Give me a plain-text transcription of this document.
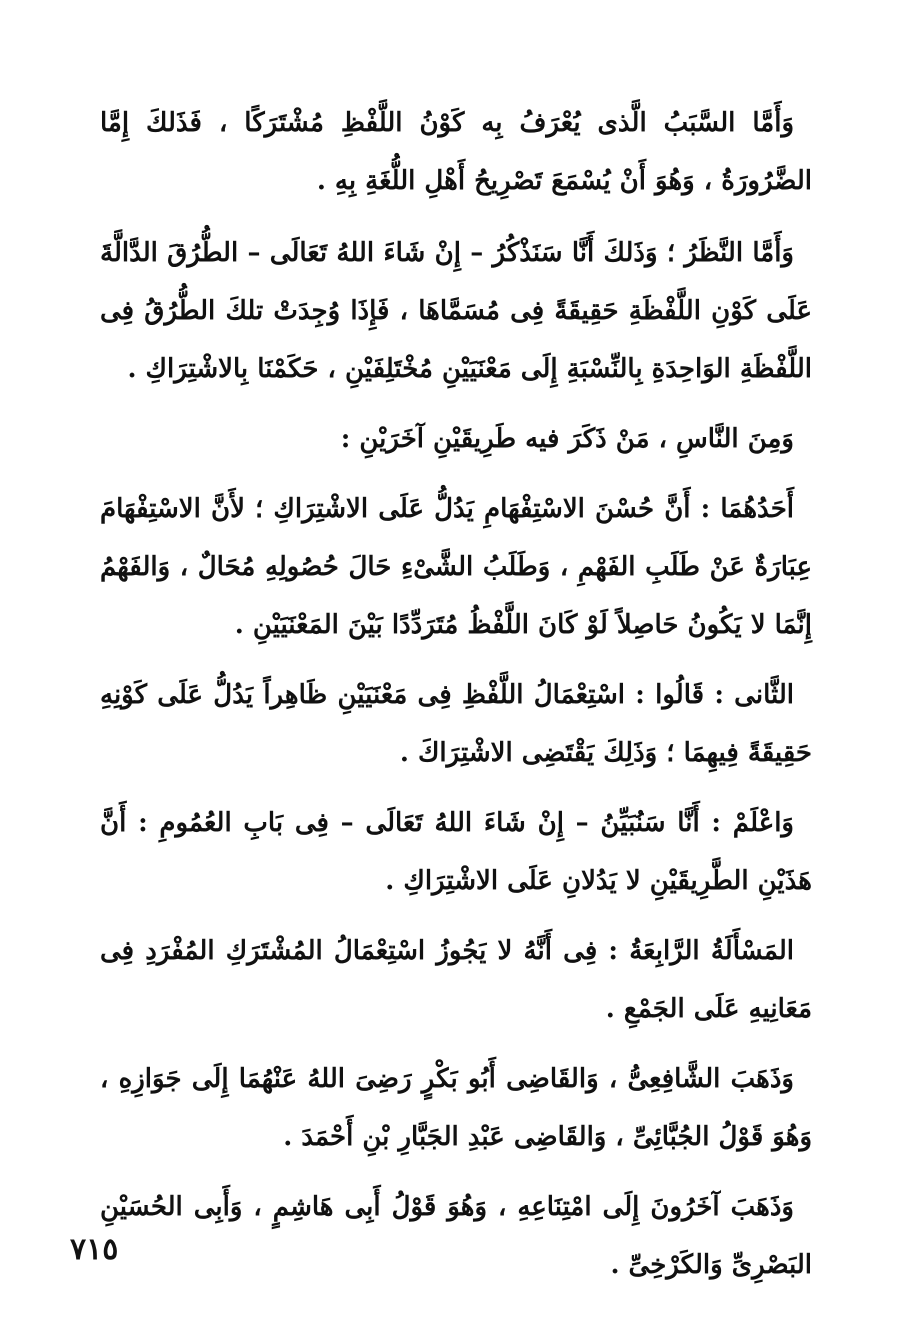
وَأَمَّا السَّبَبُ الَّذى يُعْرَفُ بِه كَوْنُ اللَّفْظِ مُشْتَرَكًا ، فَذَلكَ إِمَّا الضَّرُورَةُ ، وَهُوَ أَنْ يُسْمَعَ تَصْرِيحُ أَهْلِ اللُّغَةِ بِهِ .

وَأَمَّا النَّظَرُ ؛ وَذَلكَ أَنَّا سَنَذْكُرُ – إِنْ شَاءَ اللهُ تَعَالَى – الطُّرُقَ الدَّالَّةَ عَلَى كَوْنِ اللَّفْظَةِ حَقِيقَةً فِى مُسَمَّاهَا ، فَإِذَا وُجِدَتْ تلكَ الطُّرُقُ فِى اللَّفْظَةِ الوَاحِدَةِ بِالنِّسْبَةِ إِلَى مَعْنَيَيْنِ مُخْتَلِفَيْنِ ، حَكَمْنَا بِالاشْتِرَاكِ .

وَمِنَ النَّاسِ ، مَنْ ذَكَرَ فيه طَرِيقَيْنِ آخَرَيْنِ :

أَحَدُهُمَا : أَنَّ حُسْنَ الاسْتِفْهَامِ يَدُلُّ عَلَى الاشْتِرَاكِ ؛ لأَنَّ الاسْتِفْهَامَ عِبَارَةٌ عَنْ طَلَبِ الفَهْمِ ، وَطَلَبُ الشَّىْءِ حَالَ حُصُولِهِ مُحَالٌ ، وَالفَهْمُ إِنَّمَا لا يَكُونُ حَاصِلاً لَوْ كَانَ اللَّفْظُ مُتَرَدِّدًا بَيْنَ المَعْنَيَيْنِ .

الثَّانى : قَالُوا : اسْتِعْمَالُ اللَّفْظِ فِى مَعْنَيَيْنِ ظَاهِراً يَدُلُّ عَلَى كَوْنِهِ حَقِيقَةً فِيهِمَا ؛ وَذَلِكَ يَقْتَضِى الاشْتِرَاكَ .

وَاعْلَمْ : أَنَّا سَنُبَيِّنُ – إِنْ شَاءَ اللهُ تَعَالَى – فِى بَابِ العُمُومِ : أَنَّ هَذَيْنِ الطَّرِيقَيْنِ لا يَدُلانِ عَلَى الاشْتِرَاكِ .

المَسْأَلَةُ الرَّابِعَةُ : فِى أَنَّهُ لا يَجُوزُ اسْتِعْمَالُ المُشْتَرَكِ المُفْرَدِ فِى مَعَانِيهِ عَلَى الجَمْعِ .

وَذَهَبَ الشَّافِعِىُّ ، وَالقَاضِى أَبُو بَكْرٍ رَضِىَ اللهُ عَنْهُمَا إِلَى جَوَازِهِ ، وَهُوَ قَوْلُ الجُبَّائِىِّ ، وَالقَاضِى عَبْدِ الجَبَّارِ بْنِ أَحْمَدَ .

وَذَهَبَ آخَرُونَ إِلَى امْتِنَاعِهِ ، وَهُوَ قَوْلُ أَبِى هَاشِمٍ ، وَأَبِى الحُسَيْنِ البَصْرِىِّ وَالكَرْخِىِّ .

٧١٥
